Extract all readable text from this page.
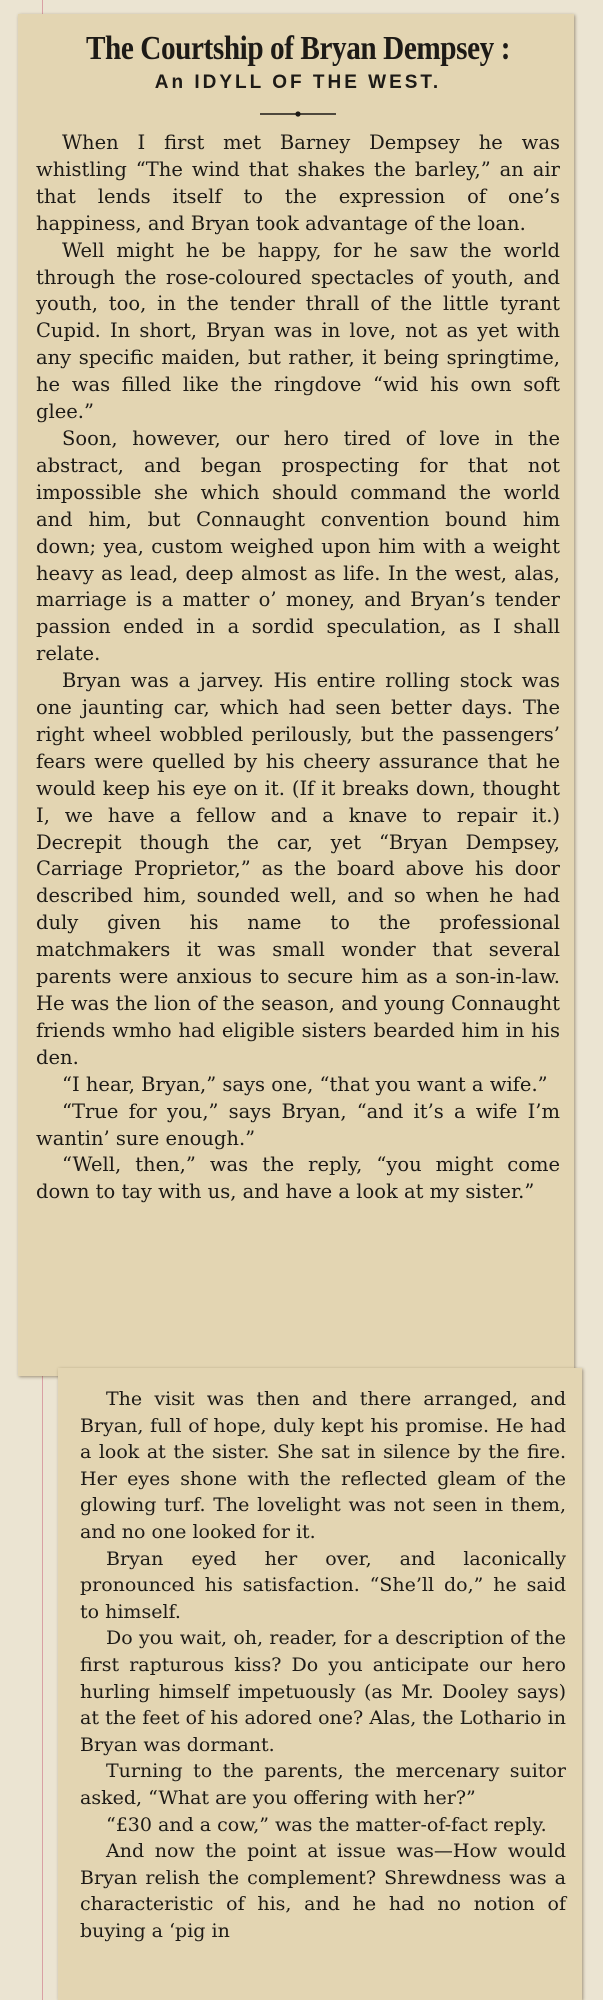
The Courtship of Bryan Dempsey :
An IDYLL OF THE WEST.

When I first met Barney Dempsey he was whistling “The wind that shakes the barley,” an air that lends itself to the expression of one’s happiness, and Bryan took advantage of the loan.

Well might he be happy, for he saw the world through the rose-coloured spectacles of youth, and youth, too, in the tender thrall of the little tyrant Cupid. In short, Bryan was in love, not as yet with any specific maiden, but rather, it being springtime, he was filled like the ringdove “wid his own soft glee.”

Soon, however, our hero tired of love in the abstract, and began prospecting for that not impossible she which should command the world and him, but Connaught convention bound him down; yea, custom weighed upon him with a weight heavy as lead, deep almost as life. In the west, alas, marriage is a matter o’ money, and Bryan’s tender passion ended in a sordid speculation, as I shall relate.

Bryan was a jarvey. His entire rolling stock was one jaunting car, which had seen better days. The right wheel wobbled perilously, but the passengers’ fears were quelled by his cheery assurance that he would keep his eye on it. (If it breaks down, thought I, we have a fellow and a knave to repair it.) Decrepit though the car, yet “Bryan Dempsey, Carriage Proprietor,” as the board above his door described him, sounded well, and so when he had duly given his name to the professional matchmakers it was small wonder that several parents were anxious to secure him as a son-in-law. He was the lion of the season, and young Connaught friends wmho had eligible sisters bearded him in his den.

“I hear, Bryan,” says one, “that you want a wife.”

“True for you,” says Bryan, “and it’s a wife I’m wantin’ sure enough.”

“Well, then,” was the reply, “you might come down to tay with us, and have a look at my sister.”

The visit was then and there arranged, and Bryan, full of hope, duly kept his promise. He had a look at the sister. She sat in silence by the fire. Her eyes shone with the reflected gleam of the glowing turf. The lovelight was not seen in them, and no one looked for it.

Bryan eyed her over, and laconically pronounced his satisfaction. “She’ll do,” he said to himself.

Do you wait, oh, reader, for a description of the first rapturous kiss? Do you anticipate our hero hurling himself impetuously (as Mr. Dooley says) at the feet of his adored one? Alas, the Lothario in Bryan was dormant.

Turning to the parents, the mercenary suitor asked, “What are you offering with her?”

“£30 and a cow,” was the matter-of-fact reply.

And now the point at issue was—How would Bryan relish the complement? Shrewdness was a characteristic of his, and he had no notion of buying a ‘pig in
